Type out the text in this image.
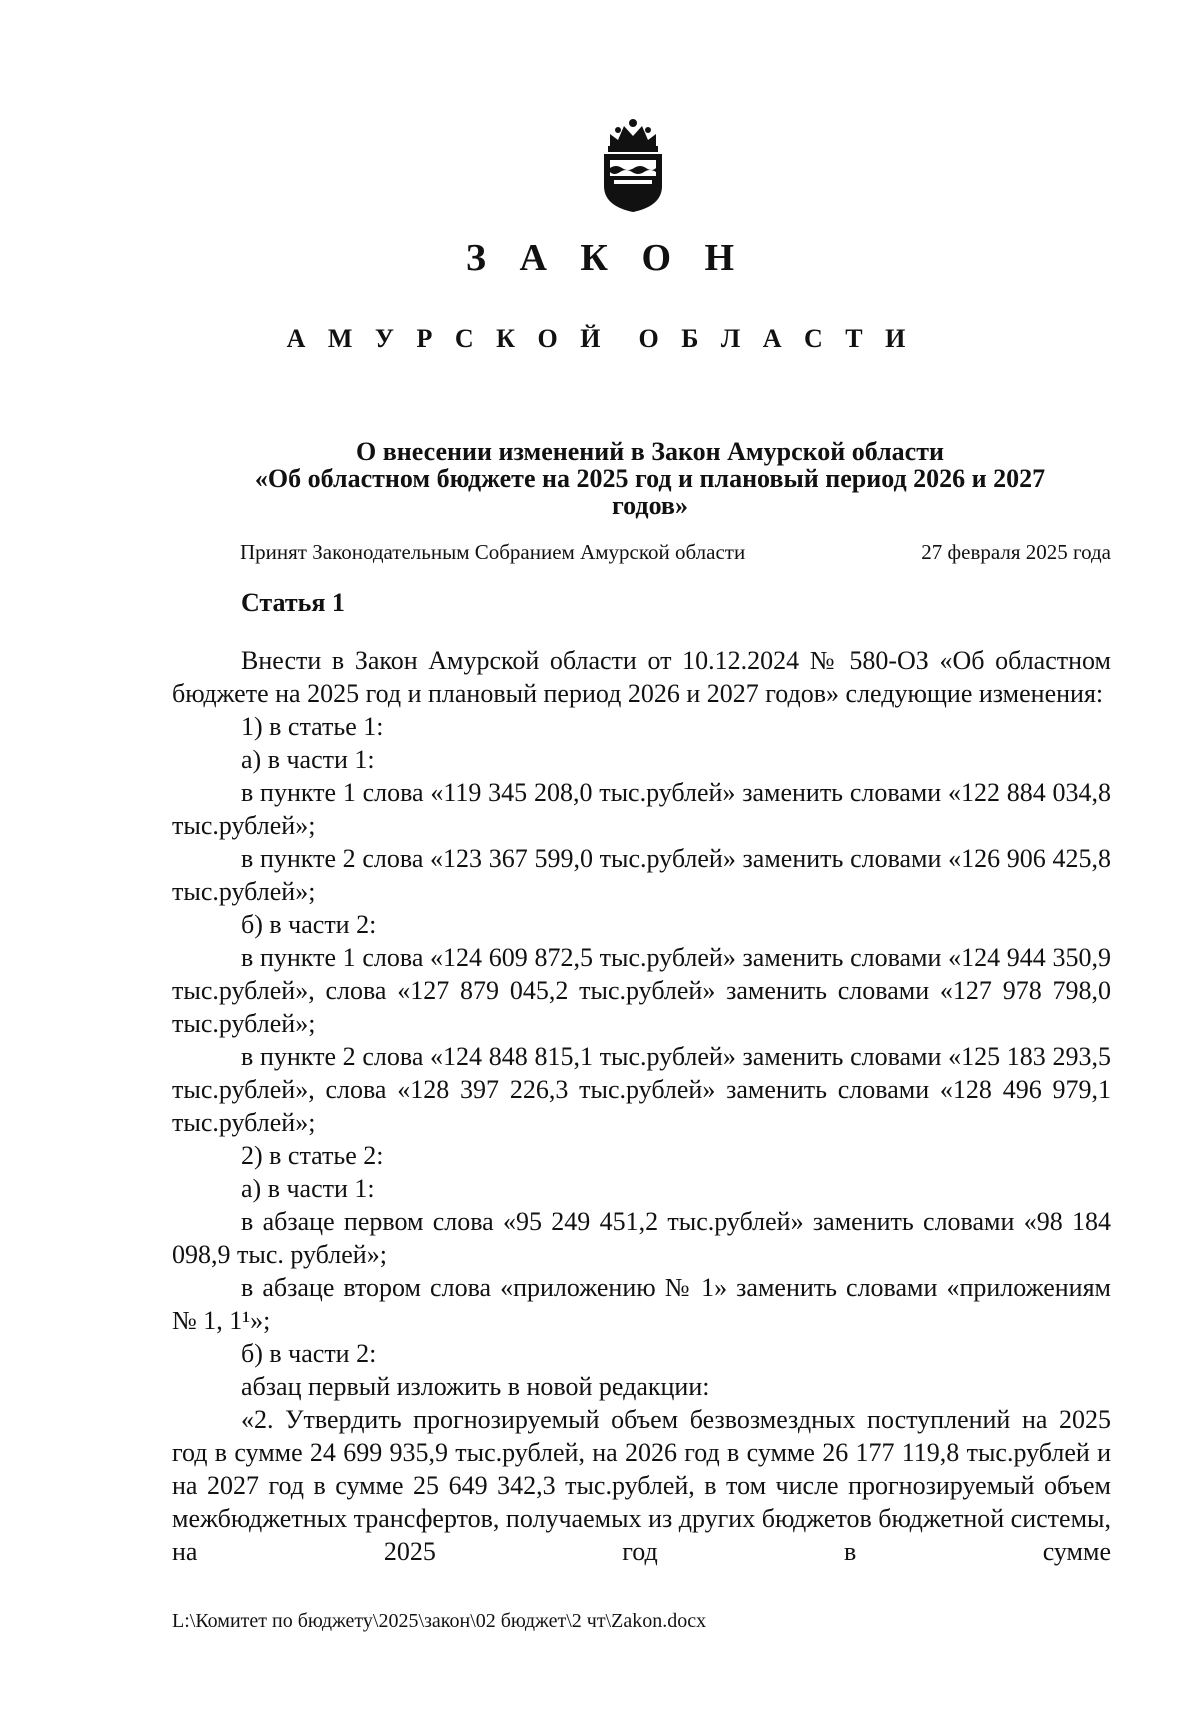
З А К О Н
А М У Р С К О Й О Б Л А С Т И
О внесении изменений в Закон Амурской области
«Об областном бюджете на 2025 год и плановый период 2026 и 2027
годов»
Принят Законодательным Собранием Амурской области	27 февраля 2025 года
Статья 1

Внести в Закон Амурской области от 10.12.2024 № 580-ОЗ «Об областном бюджете на 2025 год и плановый период 2026 и 2027 годов» следующие изменения:

1) в статье 1:

а) в части 1:

в пункте 1 слова «119 345 208,0 тыс.рублей» заменить словами «122 884 034,8 тыс.рублей»;

в пункте 2 слова «123 367 599,0 тыс.рублей» заменить словами «126 906 425,8 тыс.рублей»;

б) в части 2:

в пункте 1 слова «124 609 872,5 тыс.рублей» заменить словами «124 944 350,9 тыс.рублей», слова «127 879 045,2 тыс.рублей» заменить словами «127 978 798,0 тыс.рублей»;

в пункте 2 слова «124 848 815,1 тыс.рублей» заменить словами «125 183 293,5 тыс.рублей», слова «128 397 226,3 тыс.рублей» заменить словами «128 496 979,1 тыс.рублей»;

2) в статье 2:

а) в части 1:

в абзаце первом слова «95 249 451,2 тыс.рублей» заменить словами «98 184 098,9 тыс. рублей»;

в абзаце втором слова «приложению № 1» заменить словами «приложениям № 1, 1¹»;

б) в части 2:

абзац первый изложить в новой редакции:

«2. Утвердить прогнозируемый объем безвозмездных поступлений на 2025 год в сумме 24 699 935,9 тыс.рублей, на 2026 год в сумме 26 177 119,8 тыс.рублей и на 2027 год в сумме 25 649 342,3 тыс.рублей, в том числе прогнозируемый объем межбюджетных трансфертов, получаемых из других бюджетов бюджетной системы, на 2025 год в сумме

L:\Комитет по бюджету\2025\закон\02 бюджет\2 чт\Zakon.docx
